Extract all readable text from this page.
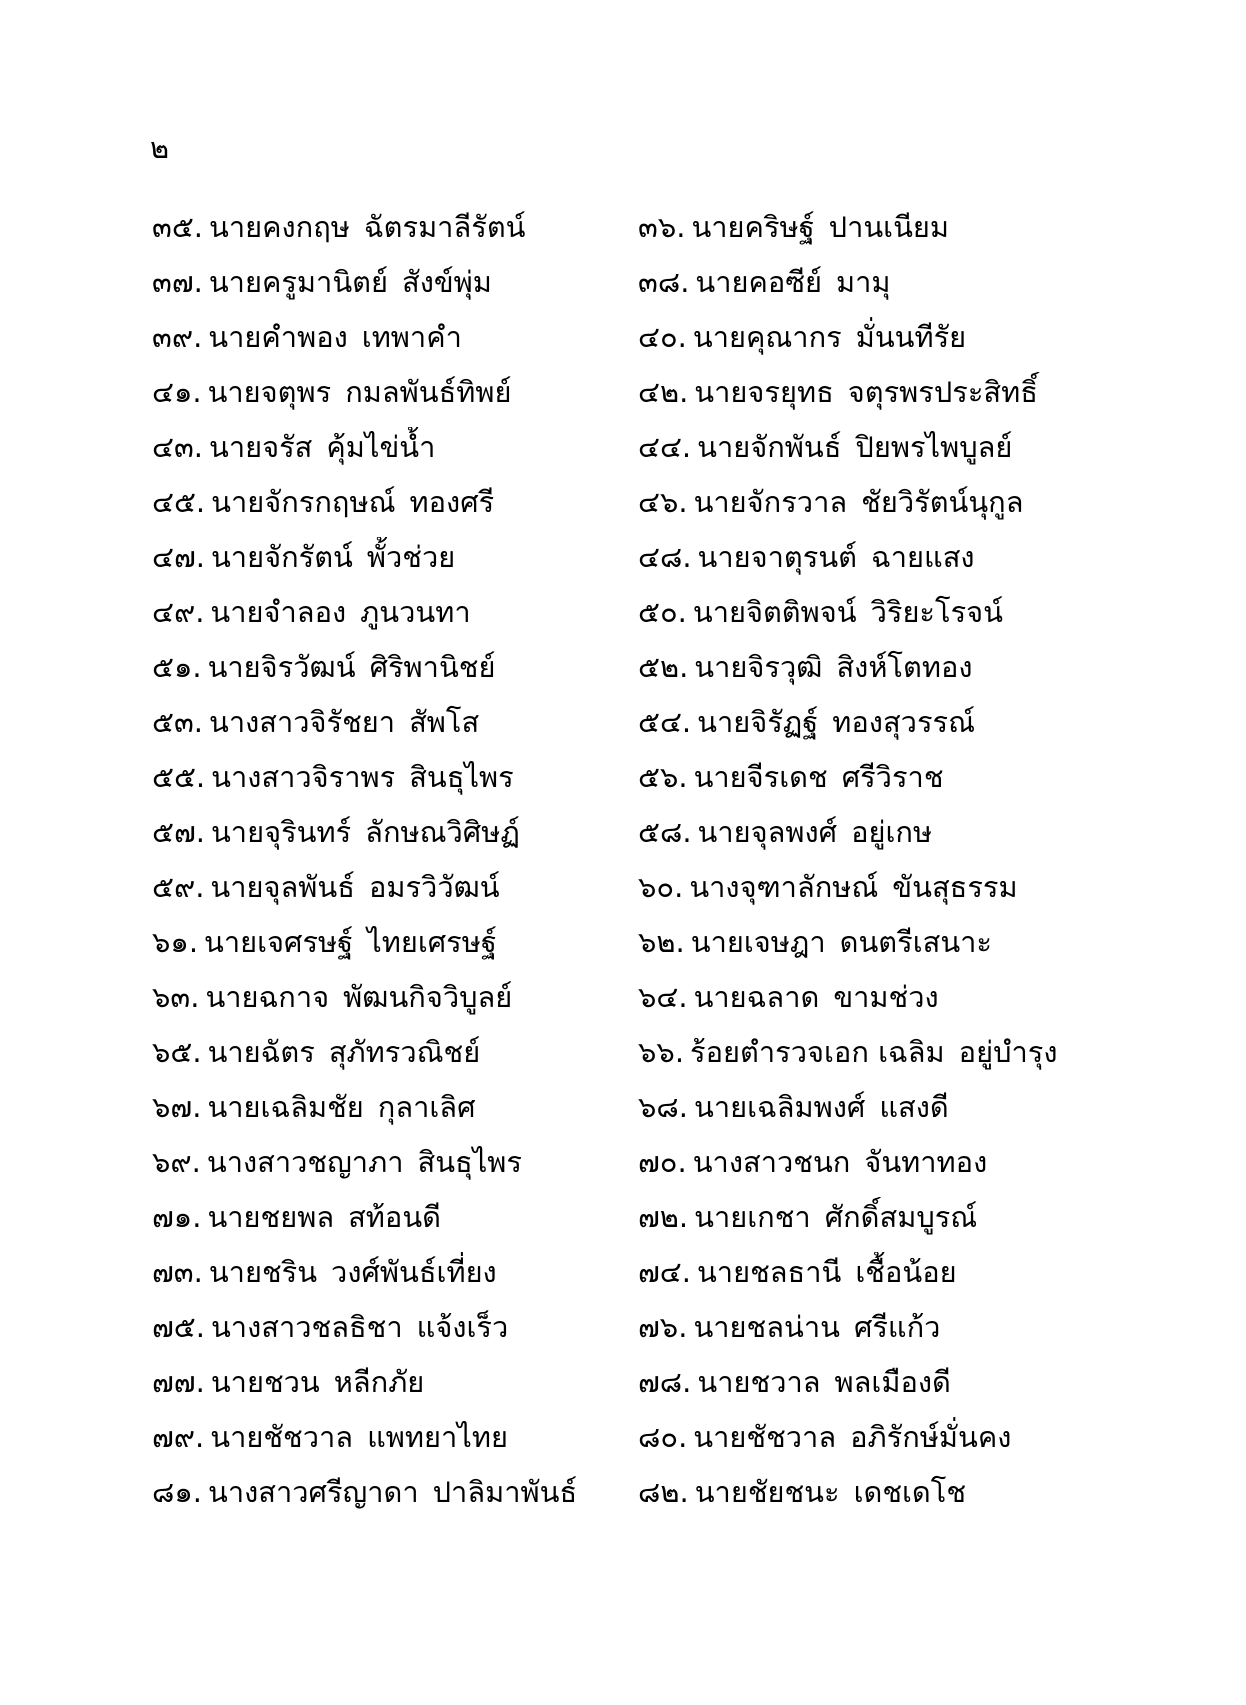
๒
๓๕. นายคงกฤษ ฉัตรมาลีรัตน์	๓๖. นายคริษฐ์ ปานเนียม
๓๗. นายครูมานิตย์ สังข์พุ่ม	๓๘. นายคอซีย์ มามุ
๓๙. นายคำพอง เทพาคำ	๔๐. นายคุณากร มั่นนทีรัย
๔๑. นายจตุพร กมลพันธ์ทิพย์	๔๒. นายจรยุทธ จตุรพรประสิทธิ์
๔๓. นายจรัส คุ้มไข่น้ำ	๔๔. นายจักพันธ์ ปิยพรไพบูลย์
๔๕. นายจักรกฤษณ์ ทองศรี	๔๖. นายจักรวาล ชัยวิรัตน์นุกูล
๔๗. นายจักรัตน์ พั้วช่วย	๔๘. นายจาตุรนต์ ฉายแสง
๔๙. นายจำลอง ภูนวนทา	๕๐. นายจิตติพจน์ วิริยะโรจน์
๕๑. นายจิรวัฒน์ ศิริพานิชย์	๕๒. นายจิรวุฒิ สิงห์โตทอง
๕๓. นางสาวจิรัชยา สัพโส	๕๔. นายจิรัฏฐ์ ทองสุวรรณ์
๕๕. นางสาวจิราพร สินธุไพร	๕๖. นายจีรเดช ศรีวิราช
๕๗. นายจุรินทร์ ลักษณวิศิษฏ์	๕๘. นายจุลพงศ์ อยู่เกษ
๕๙. นายจุลพันธ์ อมรวิวัฒน์	๖๐. นางจุฑาลักษณ์ ขันสุธรรม
๖๑. นายเจศรษฐ์ ไทยเศรษฐ์	๖๒. นายเจษฎา ดนตรีเสนาะ
๖๓. นายฉกาจ พัฒนกิจวิบูลย์	๖๔. นายฉลาด ขามช่วง
๖๕. นายฉัตร สุภัทรวณิชย์	๖๖. ร้อยตำรวจเอก เฉลิม อยู่บำรุง
๖๗. นายเฉลิมชัย กุลาเลิศ	๖๘. นายเฉลิมพงศ์ แสงดี
๖๙. นางสาวชญาภา สินธุไพร	๗๐. นางสาวชนก จันทาทอง
๗๑. นายชยพล สท้อนดี	๗๒. นายเกชา ศักดิ์สมบูรณ์
๗๓. นายชริน วงศ์พันธ์เที่ยง	๗๔. นายชลธานี เชื้อน้อย
๗๕. นางสาวชลธิชา แจ้งเร็ว	๗๖. นายชลน่าน ศรีแก้ว
๗๗. นายชวน หลีกภัย	๗๘. นายชวาล พลเมืองดี
๗๙. นายชัชวาล แพทยาไทย	๘๐. นายชัชวาล อภิรักษ์มั่นคง
๘๑. นางสาวศรีญาดา ปาลิมาพันธ์	๘๒. นายชัยชนะ เดชเดโช
